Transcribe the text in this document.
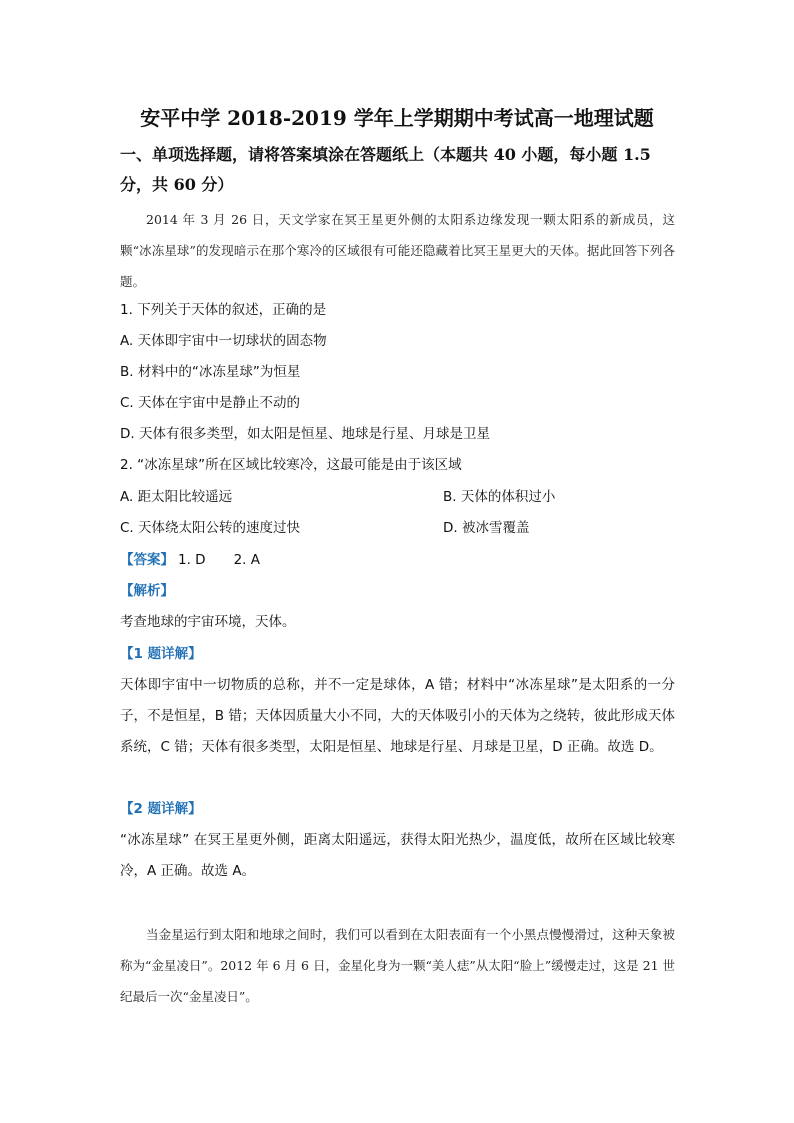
安平中学 2018-2019 学年上学期期中考试高一地理试题
一、单项选择题，请将答案填涂在答题纸上（本题共 40 小题，每小题 1.5 分，共 60 分）
2014 年 3 月 26 日，天文学家在冥王星更外侧的太阳系边缘发现一颗太阳系的新成员，这颗“冰冻星球”的发现暗示在那个寒冷的区域很有可能还隐藏着比冥王星更大的天体。据此回答下列各题。
1. 下列关于天体的叙述，正确的是
A. 天体即宇宙中一切球状的固态物
B. 材料中的“冰冻星球”为恒星
C. 天体在宇宙中是静止不动的
D. 天体有很多类型，如太阳是恒星、地球是行星、月球是卫星
2. “冰冻星球”所在区域比较寒冷，这最可能是由于该区域
A. 距太阳比较遥远	B. 天体的体积过小
C. 天体绕太阳公转的速度过快	D. 被冰雪覆盖
【答案】 1. D 2. A
【解析】
考查地球的宇宙环境，天体。
【1 题详解】
天体即宇宙中一切物质的总称，并不一定是球体，A 错；材料中“冰冻星球”是太阳系的一分子，不是恒星，B 错；天体因质量大小不同，大的天体吸引小的天体为之绕转，彼此形成天体系统，C 错；天体有很多类型，太阳是恒星、地球是行星、月球是卫星，D 正确。故选 D。
【2 题详解】
“冰冻星球” 在冥王星更外侧，距离太阳遥远，获得太阳光热少，温度低，故所在区域比较寒冷，A 正确。故选 A。
当金星运行到太阳和地球之间时，我们可以看到在太阳表面有一个小黑点慢慢滑过，这种天象被称为“金星凌日”。2012 年 6 月 6 日，金星化身为一颗“美人痣”从太阳“脸上”缓慢走过，这是 21 世纪最后一次“金星凌日”。
